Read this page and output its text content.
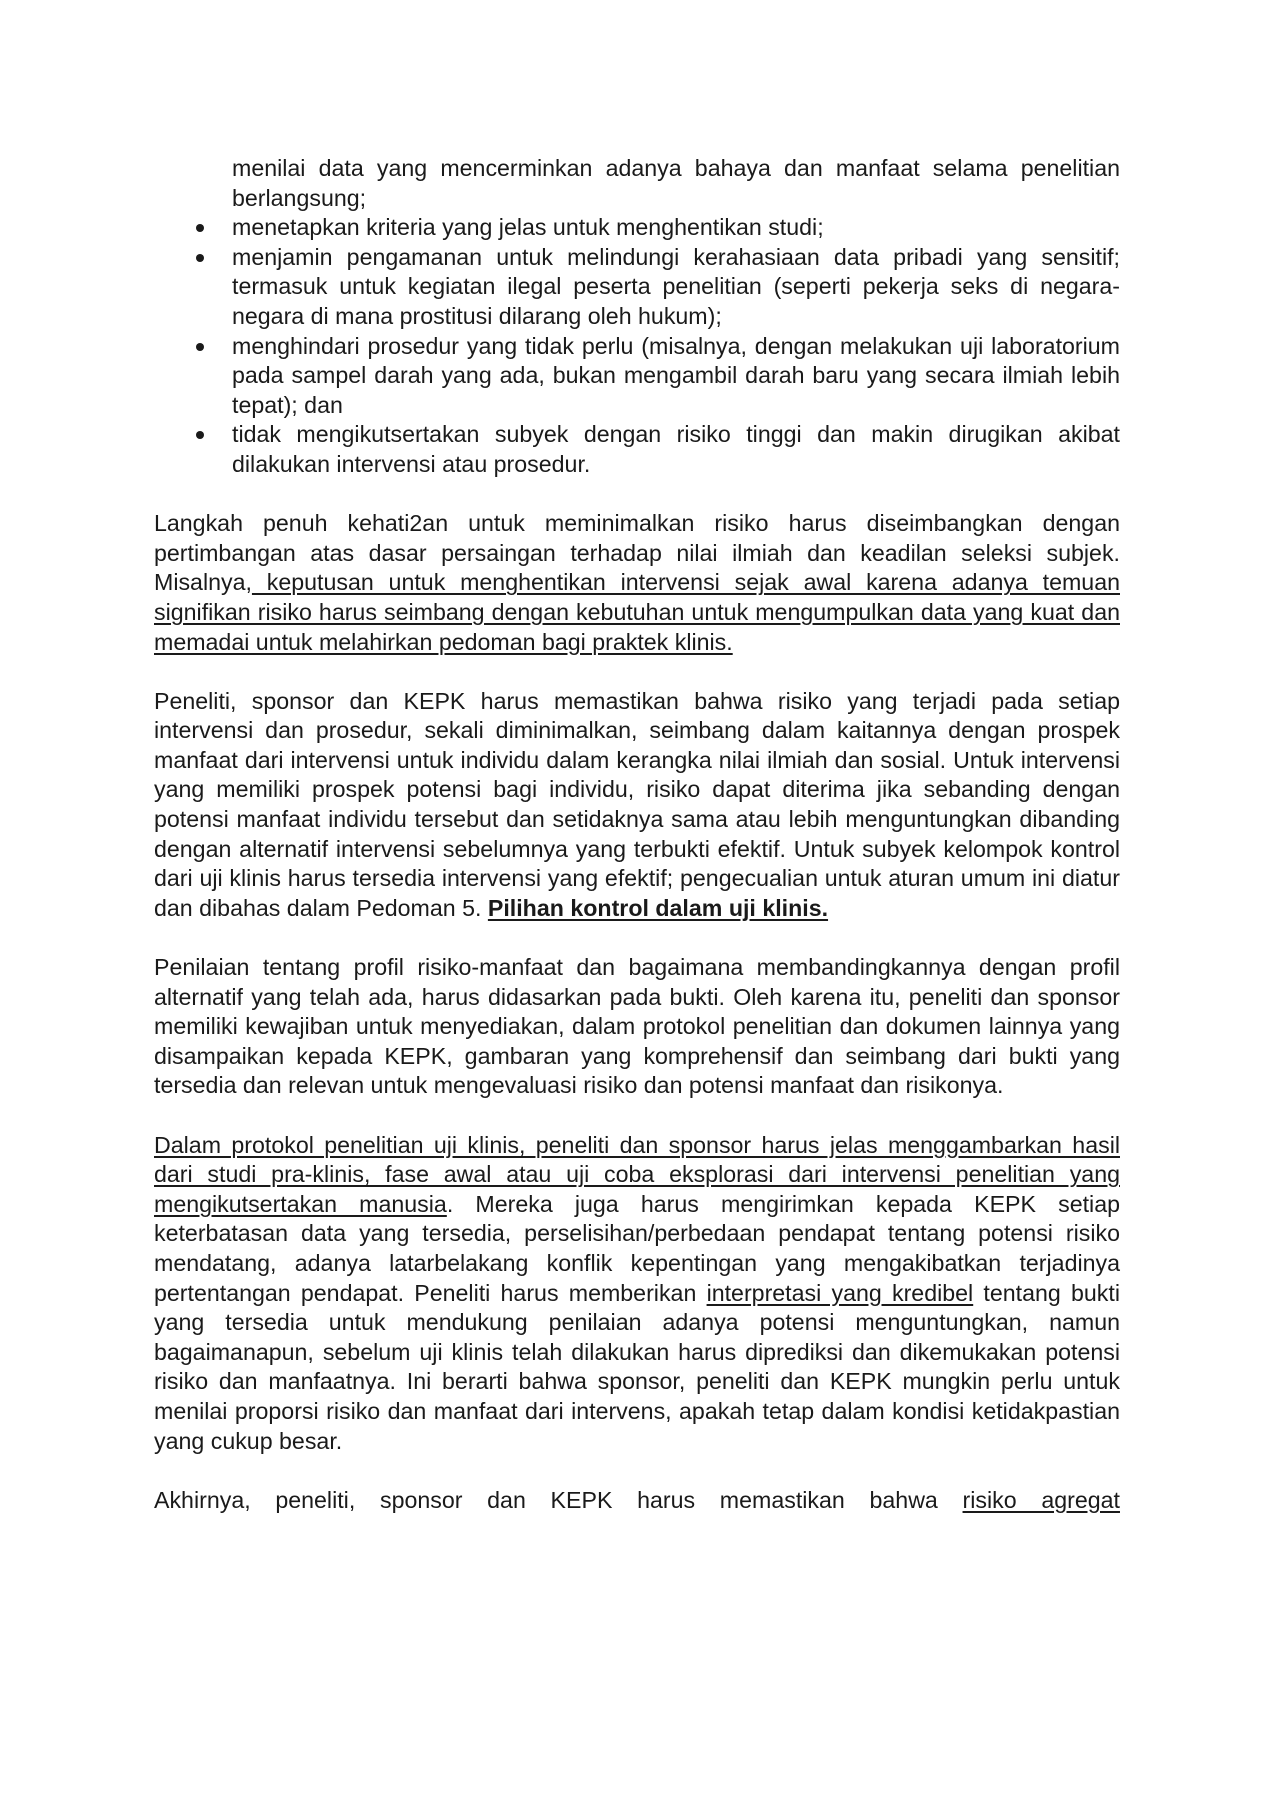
menilai data yang mencerminkan adanya bahaya dan manfaat selama penelitian berlangsung;
menetapkan kriteria yang jelas untuk menghentikan studi;
menjamin pengamanan untuk melindungi kerahasiaan data pribadi yang sensitif; termasuk untuk kegiatan ilegal peserta penelitian (seperti pekerja seks di negara-negara di mana prostitusi dilarang oleh hukum);
menghindari prosedur yang tidak perlu (misalnya, dengan melakukan uji laboratorium pada sampel darah yang ada, bukan mengambil darah baru yang secara ilmiah lebih tepat); dan
tidak mengikutsertakan subyek dengan risiko tinggi dan makin dirugikan akibat dilakukan intervensi atau prosedur.

Langkah penuh kehati2an untuk meminimalkan risiko harus diseimbangkan dengan pertimbangan atas dasar persaingan terhadap nilai ilmiah dan keadilan seleksi subjek. Misalnya, keputusan untuk menghentikan intervensi sejak awal karena adanya temuan signifikan risiko harus seimbang dengan kebutuhan untuk mengumpulkan data yang kuat dan memadai untuk melahirkan pedoman bagi praktek klinis.

Peneliti, sponsor dan KEPK harus memastikan bahwa risiko yang terjadi pada setiap intervensi dan prosedur, sekali diminimalkan, seimbang dalam kaitannya dengan prospek manfaat dari intervensi untuk individu dalam kerangka nilai ilmiah dan sosial. Untuk intervensi yang memiliki prospek potensi bagi individu, risiko dapat diterima jika sebanding dengan potensi manfaat individu tersebut dan setidaknya sama atau lebih menguntungkan dibanding dengan alternatif intervensi sebelumnya yang terbukti efektif. Untuk subyek kelompok kontrol dari uji klinis harus tersedia intervensi yang efektif; pengecualian untuk aturan umum ini diatur dan dibahas dalam Pedoman 5. Pilihan kontrol dalam uji klinis.

Penilaian tentang profil risiko-manfaat dan bagaimana membandingkannya dengan profil alternatif yang telah ada, harus didasarkan pada bukti. Oleh karena itu, peneliti dan sponsor memiliki kewajiban untuk menyediakan, dalam protokol penelitian dan dokumen lainnya yang disampaikan kepada KEPK, gambaran yang komprehensif dan seimbang dari bukti yang tersedia dan relevan untuk mengevaluasi risiko dan potensi manfaat dan risikonya.

Dalam protokol penelitian uji klinis, peneliti dan sponsor harus jelas menggambarkan hasil dari studi pra-klinis, fase awal atau uji coba eksplorasi dari intervensi penelitian yang mengikutsertakan manusia. Mereka juga harus mengirimkan kepada KEPK setiap keterbatasan data yang tersedia, perselisihan/perbedaan pendapat tentang potensi risiko mendatang, adanya latarbelakang konflik kepentingan yang mengakibatkan terjadinya pertentangan pendapat. Peneliti harus memberikan interpretasi yang kredibel tentang bukti yang tersedia untuk mendukung penilaian adanya potensi menguntungkan, namun bagaimanapun, sebelum uji klinis telah dilakukan harus diprediksi dan dikemukakan potensi risiko dan manfaatnya. Ini berarti bahwa sponsor, peneliti dan KEPK mungkin perlu untuk menilai proporsi risiko dan manfaat dari intervens, apakah tetap dalam kondisi ketidakpastian yang cukup besar.

Akhirnya, peneliti, sponsor dan KEPK harus memastikan bahwa risiko agregat
